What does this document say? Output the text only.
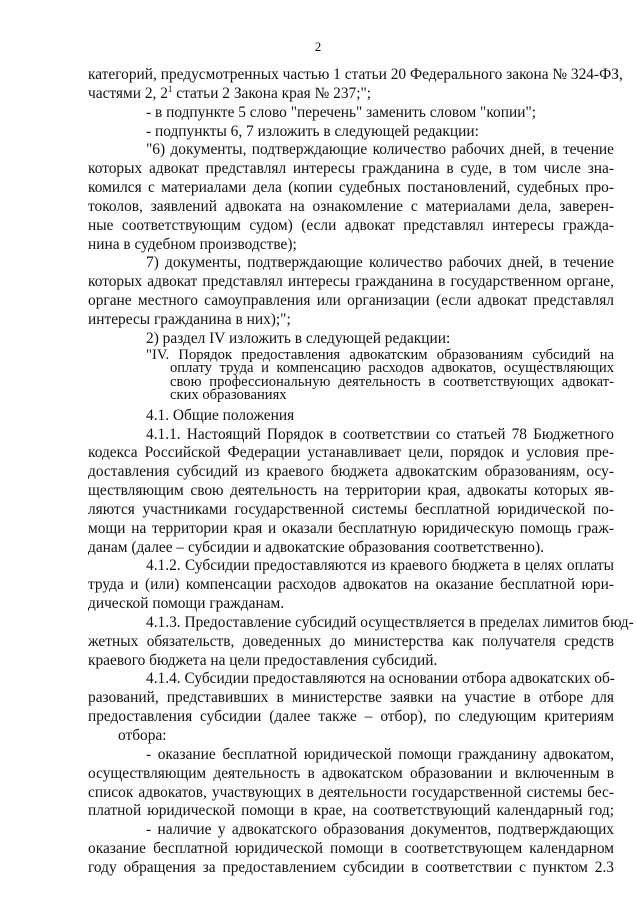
2
категорий, предусмотренных частью 1 статьи 20 Федерального закона № 324-ФЗ,
частями 2, $2^1$ статьи 2 Закона края № 237;";
- в подпункте 5 слово "перечень" заменить словом "копии";
- подпункты 6, 7 изложить в следующей редакции:
"6) документы, подтверждающие количество рабочих дней, в течение
которых адвокат представлял интересы гражданина в суде, в том числе зна-
комился с материалами дела (копии судебных постановлений, судебных про-
токолов, заявлений адвоката на ознакомление с материалами дела, заверен-
ные соответствующим судом) (если адвокат представлял интересы гражда-
нина в судебном производстве);
7) документы, подтверждающие количество рабочих дней, в течение
которых адвокат представлял интересы гражданина в государственном органе,
органе местного самоуправления или организации (если адвокат представлял
интересы гражданина в них);";
2) раздел IV изложить в следующей редакции:
"IV. Порядок предоставления адвокатским образованиям субсидий на
оплату труда и компенсацию расходов адвокатов, осуществляющих
свою профессиональную деятельность в соответствующих адвокат-
ских образованиях
4.1. Общие положения
4.1.1. Настоящий Порядок в соответствии со статьей 78 Бюджетного
кодекса Российской Федерации устанавливает цели, порядок и условия пре-
доставления субсидий из краевого бюджета адвокатским образованиям, осу-
ществляющим свою деятельность на территории края, адвокаты которых яв-
ляются участниками государственной системы бесплатной юридической по-
мощи на территории края и оказали бесплатную юридическую помощь граж-
данам (далее – субсидии и адвокатские образования соответственно).
4.1.2. Субсидии предоставляются из краевого бюджета в целях оплаты
труда и (или) компенсации расходов адвокатов на оказание бесплатной юри-
дической помощи гражданам.
4.1.3. Предоставление субсидий осуществляется в пределах лимитов бюд-
жетных обязательств, доведенных до министерства как получателя средств
краевого бюджета на цели предоставления субсидий.
4.1.4. Субсидии предоставляются на основании отбора адвокатских об-
разований, представивших в министерстве заявки на участие в отборе для
предоставления субсидии (далее также – отбор), по следующим критериям
отбора:
- оказание бесплатной юридической помощи гражданину адвокатом,
осуществляющим деятельность в адвокатском образовании и включенным в
список адвокатов, участвующих в деятельности государственной системы бес-
платной юридической помощи в крае, на соответствующий календарный год;
- наличие у адвокатского образования документов, подтверждающих
оказание бесплатной юридической помощи в соответствующем календарном
году обращения за предоставлением субсидии в соответствии с пунктом 2.3
